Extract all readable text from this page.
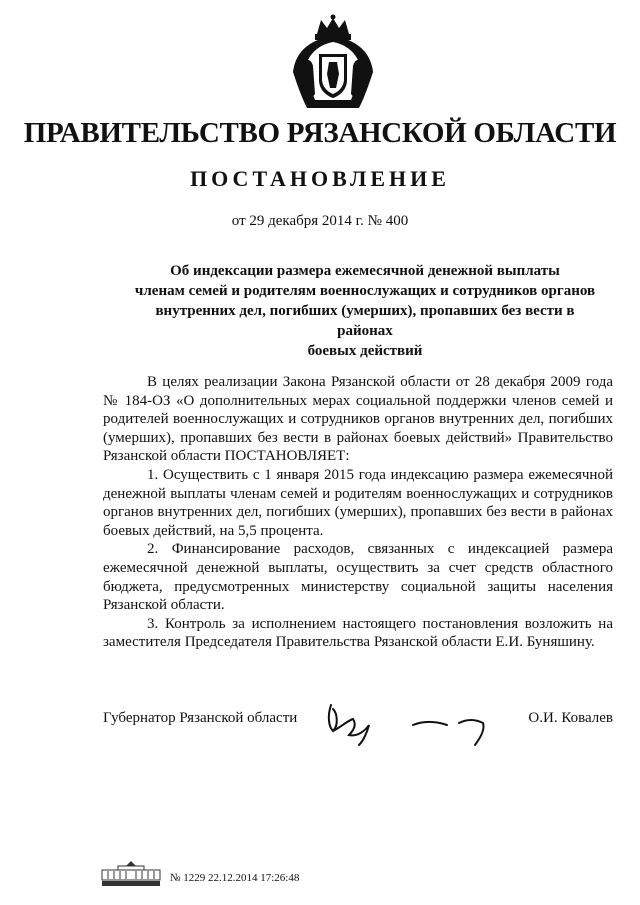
ПРАВИТЕЛЬСТВО РЯЗАНСКОЙ ОБЛАСТИ
ПОСТАНОВЛЕНИЕ
от 29 декабря 2014 г. № 400
Об индексации размера ежемесячной денежной выплаты
членам семей и родителям военнослужащих и сотрудников органов
внутренних дел, погибших (умерших), пропавших без вести в районах
боевых действий

В целях реализации Закона Рязанской области от 28 декабря 2009 года № 184-ОЗ «О дополнительных мерах социальной поддержки членов семей и родителей военнослужащих и сотрудников органов внутренних дел, погибших (умерших), пропавших без вести в районах боевых действий» Правительство Рязанской области ПОСТАНОВЛЯЕТ:

1. Осуществить с 1 января 2015 года индексацию размера ежемесячной денежной выплаты членам семей и родителям военнослужащих и сотрудников органов внутренних дел, погибших (умерших), пропавших без вести в районах боевых действий, на 5,5 процента.

2. Финансирование расходов, связанных с индексацией размера ежемесячной денежной выплаты, осуществить за счет средств областного бюджета, предусмотренных министерству социальной защиты населения Рязанской области.

3. Контроль за исполнением настоящего постановления возложить на заместителя Председателя Правительства Рязанской области Е.И. Буняшину.

Губернатор Рязанской области	О.И. Ковалев
№ 1229 22.12.2014 17:26:48
